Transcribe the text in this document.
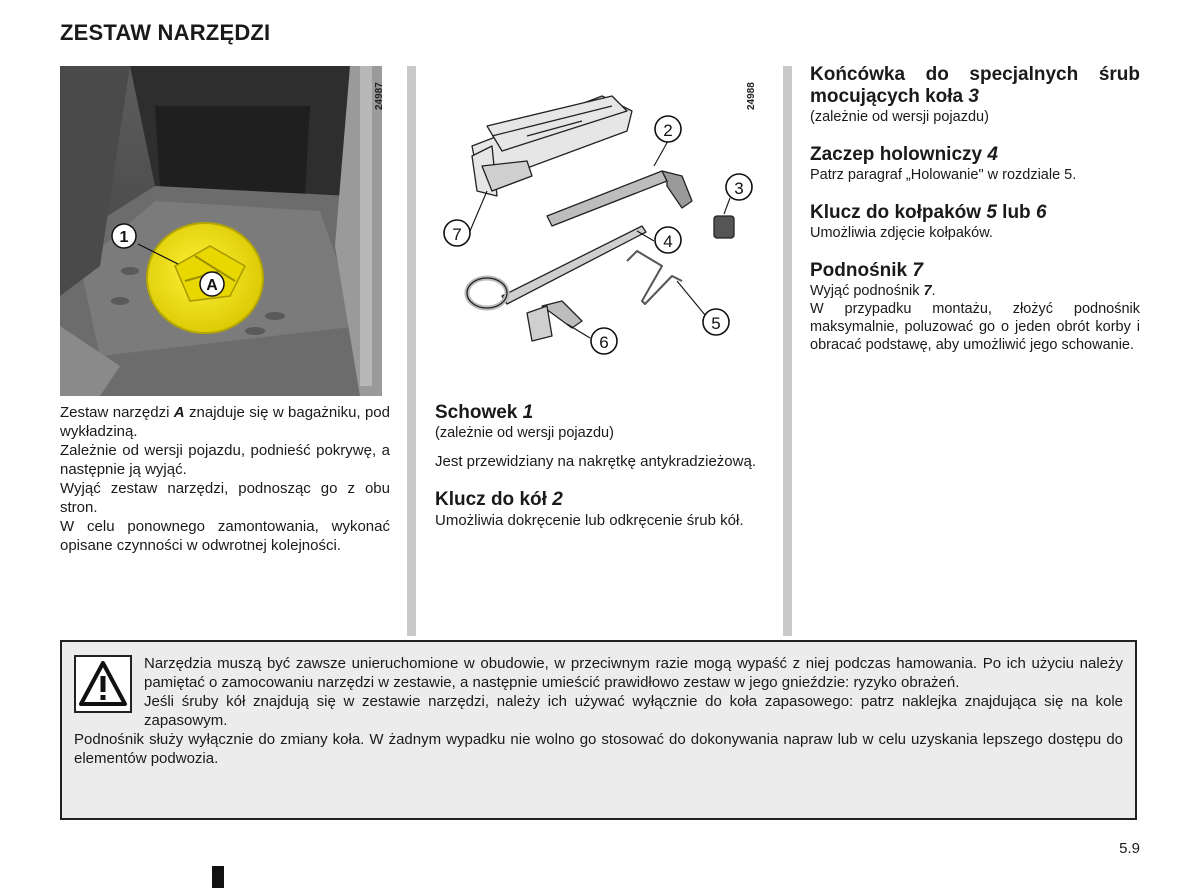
ZESTAW NARZĘDZI
1
A
24987
2
3
4
5
6
7
24988

Zestaw narzędzi A znajduje się w bagażniku, pod wykładziną.

Zależnie od wersji pojazdu, podnieść pokrywę, a następnie ją wyjąć.

Wyjąć zestaw narzędzi, podnosząc go z obu stron.

W celu ponownego zamontowania, wykonać opisane czynności w odwrotnej kolejności.

Schowek 1

(zależnie od wersji pojazdu)

Jest przewidziany na nakrętkę antykradzieżową.

Klucz do kół 2

Umożliwia dokręcenie lub odkręcenie śrub kół.

Końcówka do specjalnych śrub mocujących koła 3

(zależnie od wersji pojazdu)

Zaczep holowniczy 4

Patrz paragraf „Holowanie" w rozdziale 5.

Klucz do kołpaków 5 lub 6

Umożliwia zdjęcie kołpaków.

Podnośnik 7

Wyjąć podnośnik 7.

W przypadku montażu, złożyć podnośnik maksymalnie, poluzować go o jeden obrót korby i obracać podstawę, aby umożliwić jego schowanie.

Narzędzia muszą być zawsze unieruchomione w obudowie, w przeciwnym razie mogą wypaść z niej podczas hamowania. Po ich użyciu należy pamiętać o zamocowaniu narzędzi w zestawie, a następnie umieścić prawidłowo zestaw w jego gnieździe: ryzyko obrażeń.

Jeśli śruby kół znajdują się w zestawie narzędzi, należy ich używać wyłącznie do koła zapasowego: patrz naklejka znajdująca się na kole zapasowym.

Podnośnik służy wyłącznie do zmiany koła. W żadnym wypadku nie wolno go stosować do dokonywania napraw lub w celu uzyskania lepszego dostępu do elementów podwozia.

5.9
